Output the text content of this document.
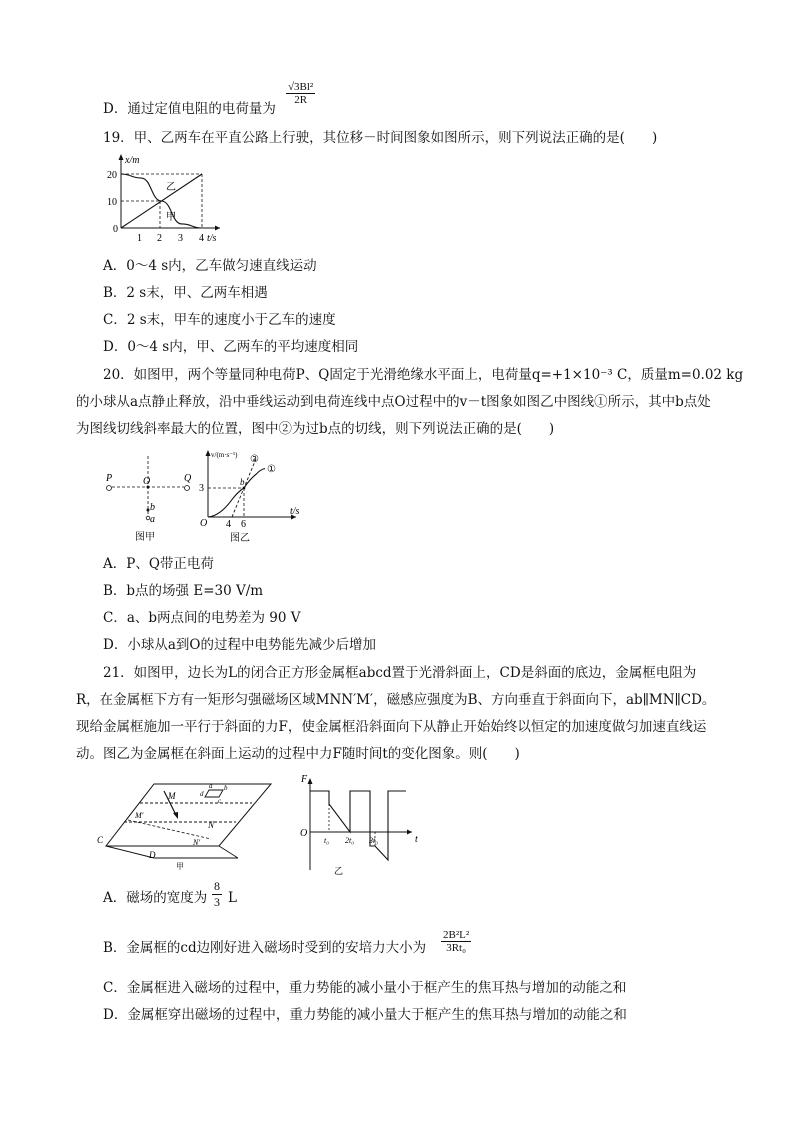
D．通过定值电阻的电荷量为
√3Bl²
2R
19．甲、乙两车在平直公路上行驶，其位移－时间图象如图所示，则下列说法正确的是(　　)
x/m
20
10
0
1 2 3 4 t/s
乙
甲
A．0～4 s内，乙车做匀速直线运动
B．2 s末，甲、乙两车相遇
C．2 s末，甲车的速度小于乙车的速度
D．0～4 s内，甲、乙两车的平均速度相同
20．如图甲，两个等量同种电荷P、Q固定于光滑绝缘水平面上，电荷量q=+1×10⁻³ C，质量m=0.02 kg
的小球从a点静止释放，沿中垂线运动到电荷连线中点O过程中的v－t图象如图乙中图线①所示，其中b点处
为图线切线斜率最大的位置，图中②为过b点的切线，则下列说法正确的是(　　)
P	O	Q
b
a
图甲
v/(m·s⁻¹)
3
O 4 6
t/s
b
①
②
图乙
A．P、Q带正电荷
B．b点的场强 E=30 V/m
C．a、b两点间的电势差为 90 V
D．小球从a到O的过程中电势能先减少后增加
21．如图甲，边长为L的闭合正方形金属框abcd置于光滑斜面上，CD是斜面的底边，金属框电阻为
R，在金属框下方有一矩形匀强磁场区域MNN′M′，磁感应强度为B、方向垂直于斜面向下，ab∥MN∥CD。
现给金属框施加一平行于斜面的力F，使金属框沿斜面向下从静止开始始终以恒定的加速度做匀加速直线运
动。图乙为金属框在斜面上运动的过程中力F随时间t的变化图象。则(　　)
a b
c
d
M
M′
N
N′
C
D
甲
F
O
t
t₀ 2t₀ 3t₀
乙
A．磁场的宽度为
8
3 L
B．金属框的cd边刚好进入磁场时受到的安培力大小为
2B²L²
3Rt₀
C．金属框进入磁场的过程中，重力势能的减小量小于框产生的焦耳热与增加的动能之和
D．金属框穿出磁场的过程中，重力势能的减小量大于框产生的焦耳热与增加的动能之和
